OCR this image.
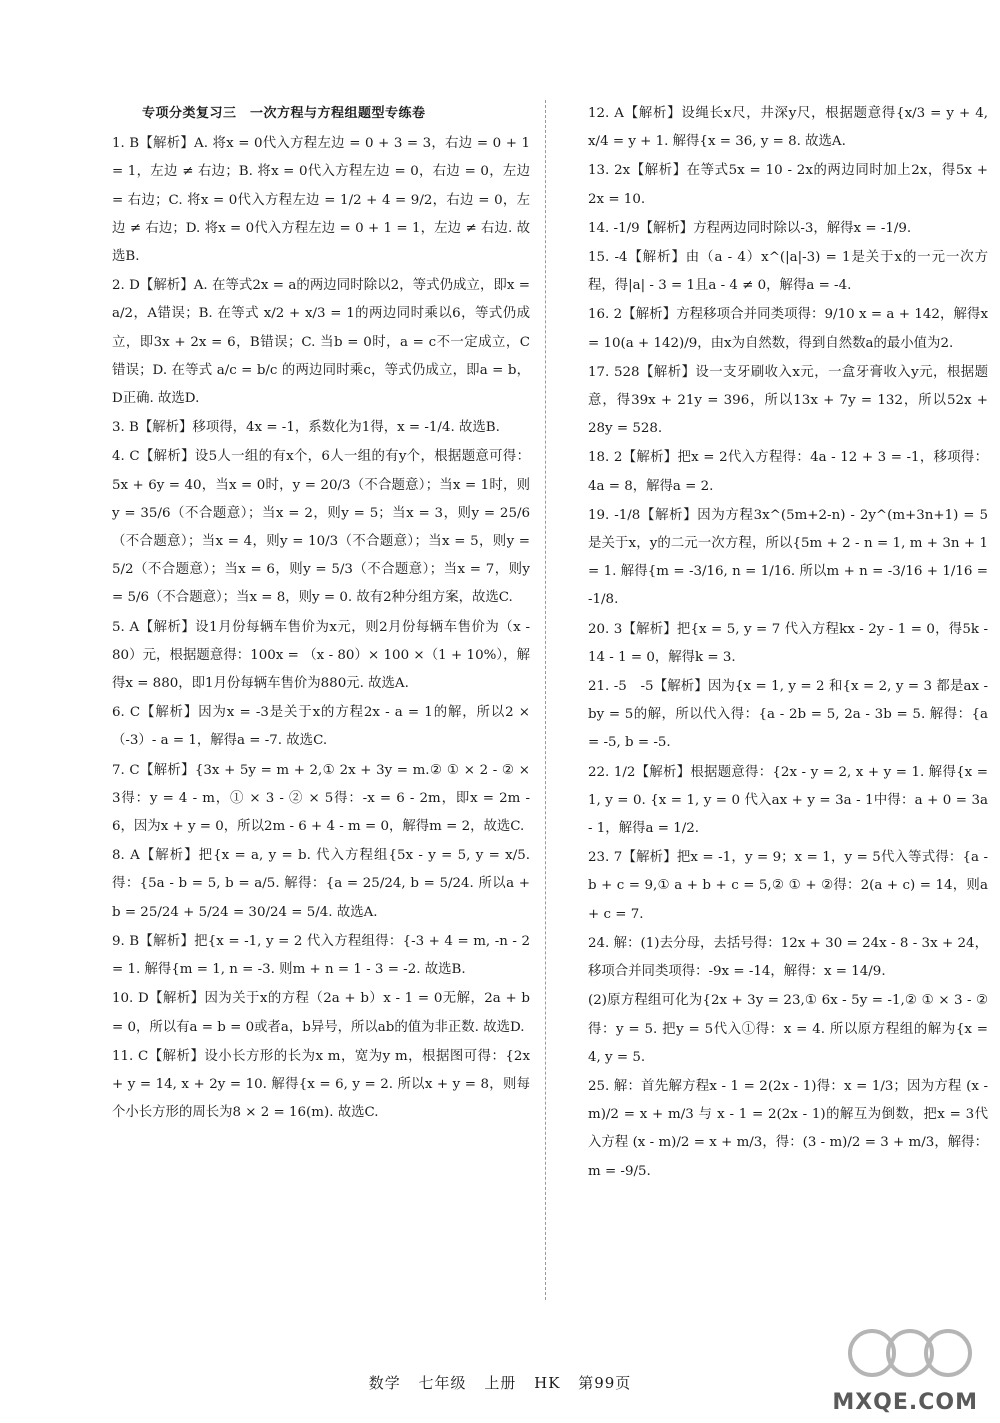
专项分类复习三　一次方程与方程组题型专练卷

1. B【解析】A. 将x = 0代入方程左边 = 0 + 3 = 3，右边 = 0 + 1 = 1，左边 ≠ 右边；B. 将x = 0代入方程左边 = 0，右边 = 0，左边 = 右边；C. 将x = 0代入方程左边 = 1/2 + 4 = 9/2，右边 = 0，左边 ≠ 右边；D. 将x = 0代入方程左边 = 0 + 1 = 1，左边 ≠ 右边. 故选B.

2. D【解析】A. 在等式2x = a的两边同时除以2，等式仍成立，即x = a/2，A错误；B. 在等式 x/2 + x/3 = 1的两边同时乘以6，等式仍成立，即3x + 2x = 6，B错误；C. 当b = 0时，a = c不一定成立，C错误；D. 在等式 a/c = b/c 的两边同时乘c，等式仍成立，即a = b，D正确. 故选D.

3. B【解析】移项得，4x = -1，系数化为1得，x = -1/4. 故选B.

4. C【解析】设5人一组的有x个，6人一组的有y个，根据题意可得：5x + 6y = 40，当x = 0时，y = 20/3（不合题意）；当x = 1时，则y = 35/6（不合题意）；当x = 2，则y = 5；当x = 3，则y = 25/6（不合题意）；当x = 4，则y = 10/3（不合题意）；当x = 5，则y = 5/2（不合题意）；当x = 6，则y = 5/3（不合题意）；当x = 7，则y = 5/6（不合题意）；当x = 8，则y = 0. 故有2种分组方案，故选C.

5. A【解析】设1月份每辆车售价为x元，则2月份每辆车售价为（x - 80）元，根据题意得：100x = （x - 80）× 100 ×（1 + 10%），解得x = 880，即1月份每辆车售价为880元. 故选A.

6. C【解析】因为x = -3是关于x的方程2x - a = 1的解，所以2 ×（-3）- a = 1，解得a = -7. 故选C.

7. C【解析】{3x + 5y = m + 2,① 2x + 3y = m.② ① × 2 - ② × 3得：y = 4 - m，① × 3 - ② × 5得：-x = 6 - 2m，即x = 2m - 6，因为x + y = 0，所以2m - 6 + 4 - m = 0，解得m = 2，故选C.

8. A【解析】把{x = a, y = b. 代入方程组{5x - y = 5, y = x/5. 得：{5a - b = 5, b = a/5. 解得：{a = 25/24, b = 5/24. 所以a + b = 25/24 + 5/24 = 30/24 = 5/4. 故选A.

9. B【解析】把{x = -1, y = 2 代入方程组得：{-3 + 4 = m, -n - 2 = 1. 解得{m = 1, n = -3. 则m + n = 1 - 3 = -2. 故选B.

10. D【解析】因为关于x的方程（2a + b）x - 1 = 0无解，2a + b = 0，所以有a = b = 0或者a，b异号，所以ab的值为非正数. 故选D.

11. C【解析】设小长方形的长为x m，宽为y m，根据图可得：{2x + y = 14, x + 2y = 10. 解得{x = 6, y = 2. 所以x + y = 8，则每个小长方形的周长为8 × 2 = 16(m). 故选C.

12. A【解析】设绳长x尺，井深y尺，根据题意得{x/3 = y + 4, x/4 = y + 1. 解得{x = 36, y = 8. 故选A.

13. 2x【解析】在等式5x = 10 - 2x的两边同时加上2x，得5x + 2x = 10.

14. -1/9【解析】方程两边同时除以-3，解得x = -1/9.

15. -4【解析】由（a - 4）x^(|a|-3) = 1是关于x的一元一次方程，得|a| - 3 = 1且a - 4 ≠ 0，解得a = -4.

16. 2【解析】方程移项合并同类项得：9/10 x = a + 142，解得x = 10(a + 142)/9，由x为自然数，得到自然数a的最小值为2.

17. 528【解析】设一支牙刷收入x元，一盒牙膏收入y元，根据题意，得39x + 21y = 396，所以13x + 7y = 132，所以52x + 28y = 528.

18. 2【解析】把x = 2代入方程得：4a - 12 + 3 = -1，移项得：4a = 8，解得a = 2.

19. -1/8【解析】因为方程3x^(5m+2-n) - 2y^(m+3n+1) = 5是关于x，y的二元一次方程，所以{5m + 2 - n = 1, m + 3n + 1 = 1. 解得{m = -3/16, n = 1/16. 所以m + n = -3/16 + 1/16 = -1/8.

20. 3【解析】把{x = 5, y = 7 代入方程kx - 2y - 1 = 0，得5k - 14 - 1 = 0，解得k = 3.

21. -5　-5【解析】因为{x = 1, y = 2 和{x = 2, y = 3 都是ax - by = 5的解，所以代入得：{a - 2b = 5, 2a - 3b = 5. 解得：{a = -5, b = -5.

22. 1/2【解析】根据题意得：{2x - y = 2, x + y = 1. 解得{x = 1, y = 0. {x = 1, y = 0 代入ax + y = 3a - 1中得：a + 0 = 3a - 1，解得a = 1/2.

23. 7【解析】把x = -1，y = 9；x = 1，y = 5代入等式得：{a - b + c = 9,① a + b + c = 5,② ① + ②得：2(a + c) = 14，则a + c = 7.

24. 解：(1)去分母，去括号得：12x + 30 = 24x - 8 - 3x + 24，移项合并同类项得：-9x = -14，解得：x = 14/9.

(2)原方程组可化为{2x + 3y = 23,① 6x - 5y = -1,② ① × 3 - ②得：y = 5. 把y = 5代入①得：x = 4. 所以原方程组的解为{x = 4, y = 5.

25. 解：首先解方程x - 1 = 2(2x - 1)得：x = 1/3；因为方程 (x - m)/2 = x + m/3 与 x - 1 = 2(2x - 1)的解互为倒数，把x = 3代入方程 (x - m)/2 = x + m/3，得：(3 - m)/2 = 3 + m/3，解得：m = -9/5.

数学 七年级 上册 HK 第99页
MXQE.COM
